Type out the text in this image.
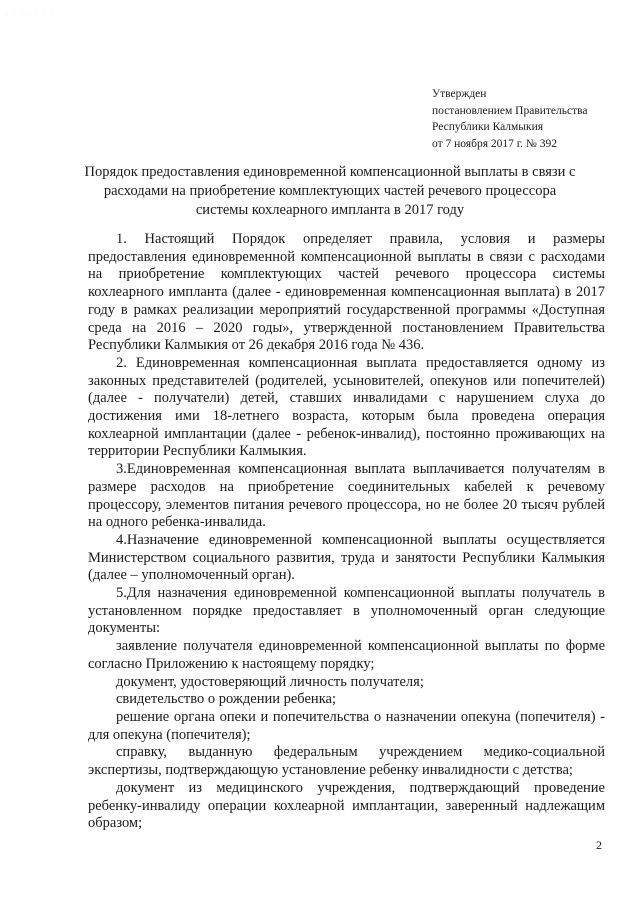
· · · · · · ·
Утвержден
постановлением Правительства
Республики Калмыкия
от 7 ноября 2017 г. № 392
Порядок предоставления единовременной компенсационной выплаты в связи с расходами на приобретение комплектующих частей речевого процессора системы кохлеарного импланта в 2017 году

1. Настоящий Порядок определяет правила, условия и размеры предоставления единовременной компенсационной выплаты в связи с расходами на приобретение комплектующих частей речевого процессора системы кохлеарного импланта (далее - единовременная компенсационная выплата) в 2017 году в рамках реализации мероприятий государственной программы «Доступная среда на 2016 – 2020 годы», утвержденной постановлением Правительства Республики Калмыкия от 26 декабря 2016 года № 436.

2. Единовременная компенсационная выплата предоставляется одному из законных представителей (родителей, усыновителей, опекунов или попечителей) (далее - получатели) детей, ставших инвалидами с нарушением слуха до достижения ими 18-летнего возраста, которым была проведена операция кохлеарной имплантации (далее - ребенок-инвалид), постоянно проживающих на территории Республики Калмыкия.

3.Единовременная компенсационная выплата выплачивается получателям в размере расходов на приобретение соединительных кабелей к речевому процессору, элементов питания речевого процессора, но не более 20 тысяч рублей на одного ребенка-инвалида.

4.Назначение единовременной компенсационной выплаты осуществляется Министерством социального развития, труда и занятости Республики Калмыкия (далее – уполномоченный орган).

5.Для назначения единовременной компенсационной выплаты получатель в установленном порядке предоставляет в уполномоченный орган следующие документы:

заявление получателя единовременной компенсационной выплаты по форме согласно Приложению к настоящему порядку;

документ, удостоверяющий личность получателя;

свидетельство о рождении ребенка;

решение органа опеки и попечительства о назначении опекуна (попечителя) - для опекуна (попечителя);

справку, выданную федеральным учреждением медико-социальной экспертизы, подтверждающую установление ребенку инвалидности с детства;

документ из медицинского учреждения, подтверждающий проведение ребенку-инвалиду операции кохлеарной имплантации, заверенный надлежащим образом;

2
